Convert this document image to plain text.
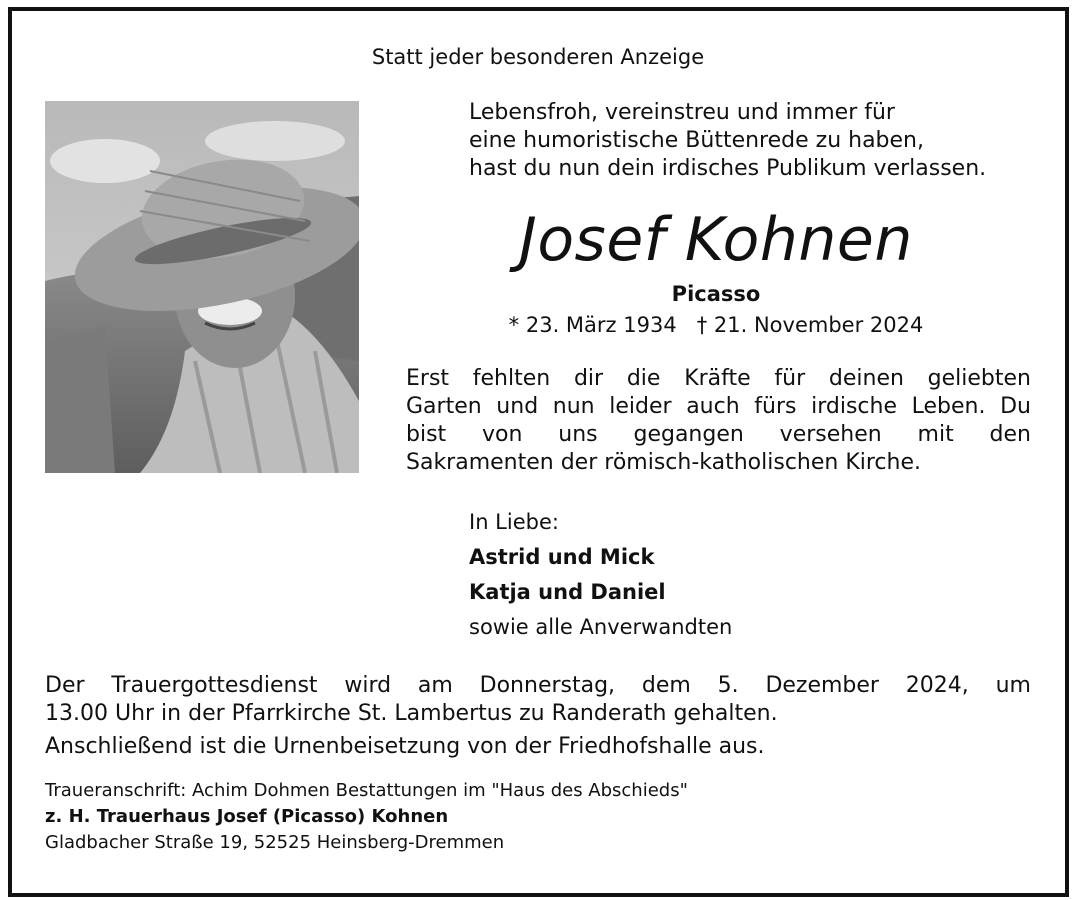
Statt jeder besonderen Anzeige
Lebensfroh, vereinstreu und immer für
eine humoristische Büttenrede zu haben,
hast du nun dein irdisches Publikum verlassen.
Josef Kohnen
Picasso
* 23. März 1934   † 21. November 2024
Erst fehlten dir die Kräfte für deinen geliebten
Garten und nun leider auch fürs irdische Leben. Du
bist von uns gegangen versehen mit den
Sakramenten der römisch-katholischen Kirche.
In Liebe:
Astrid und Mick
Katja und Daniel
sowie alle Anverwandten
Der Trauergottesdienst wird am Donnerstag, dem 5. Dezember 2024, um
13.00 Uhr in der Pfarrkirche St. Lambertus zu Randerath gehalten.
Anschließend ist die Urnenbeisetzung von der Friedhofshalle aus.
Traueranschrift: Achim Dohmen Bestattungen im "Haus des Abschieds"
z. H. Trauerhaus Josef (Picasso) Kohnen
Gladbacher Straße 19, 52525 Heinsberg-Dremmen
